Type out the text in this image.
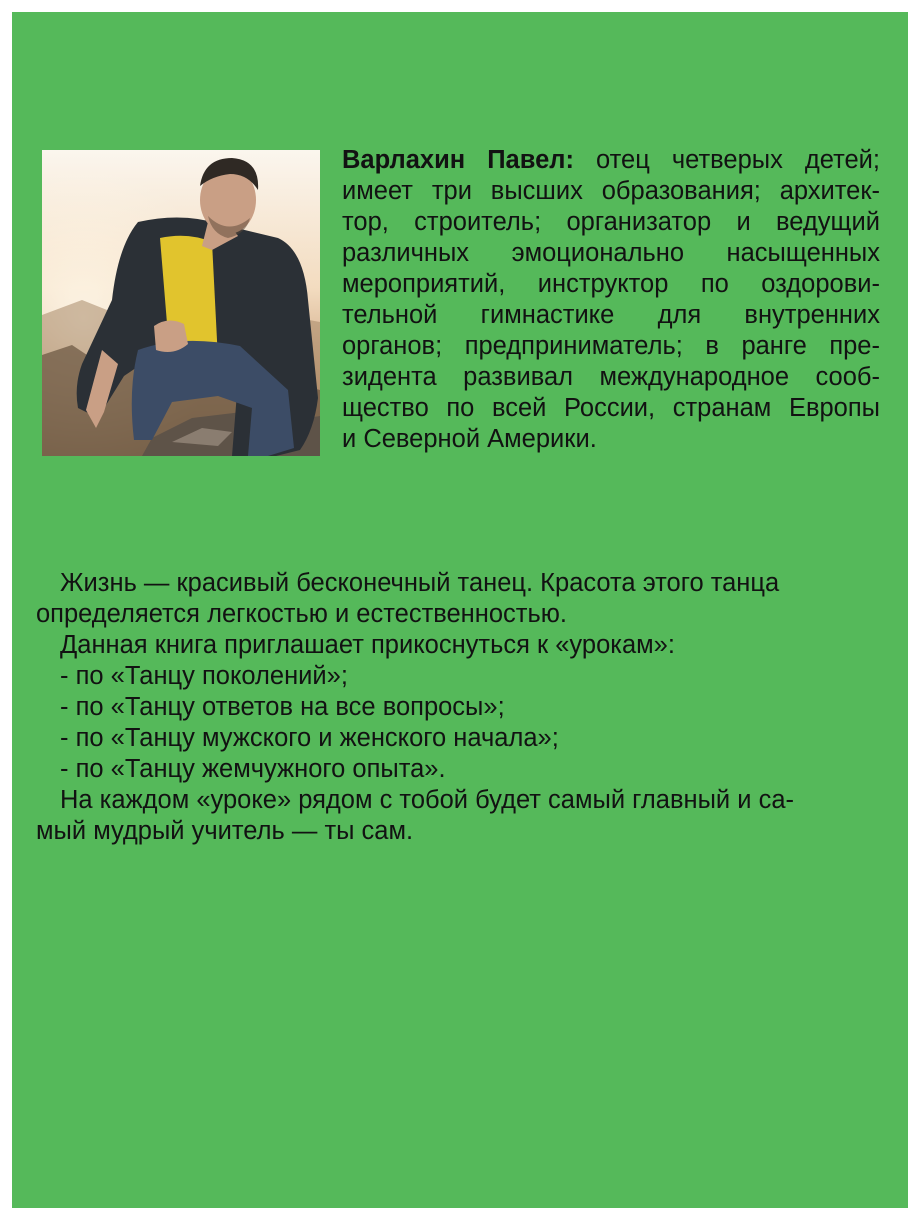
Варлахин Павел: отец четверых детей;
имеет три высших образования; архитек-
тор, строитель; организатор и ведущий
различных эмоционально насыщенных
мероприятий, инструктор по оздорови-
тельной гимнастике для внутренних
органов; предприниматель; в ранге пре-
зидента развивал международное сооб-
щество по всей России, странам Европы
и Северной Америки.

Жизнь — красивый бесконечный танец. Красота этого танца
определяется легкостью и естественностью.
Данная книга приглашает прикоснуться к «урокам»:
- по «Танцу поколений»;
- по «Танцу ответов на все вопросы»;
- по «Танцу мужского и женского начала»;
- по «Танцу жемчужного опыта».
На каждом «уроке» рядом с тобой будет самый главный и са-
мый мудрый учитель — ты сам.
